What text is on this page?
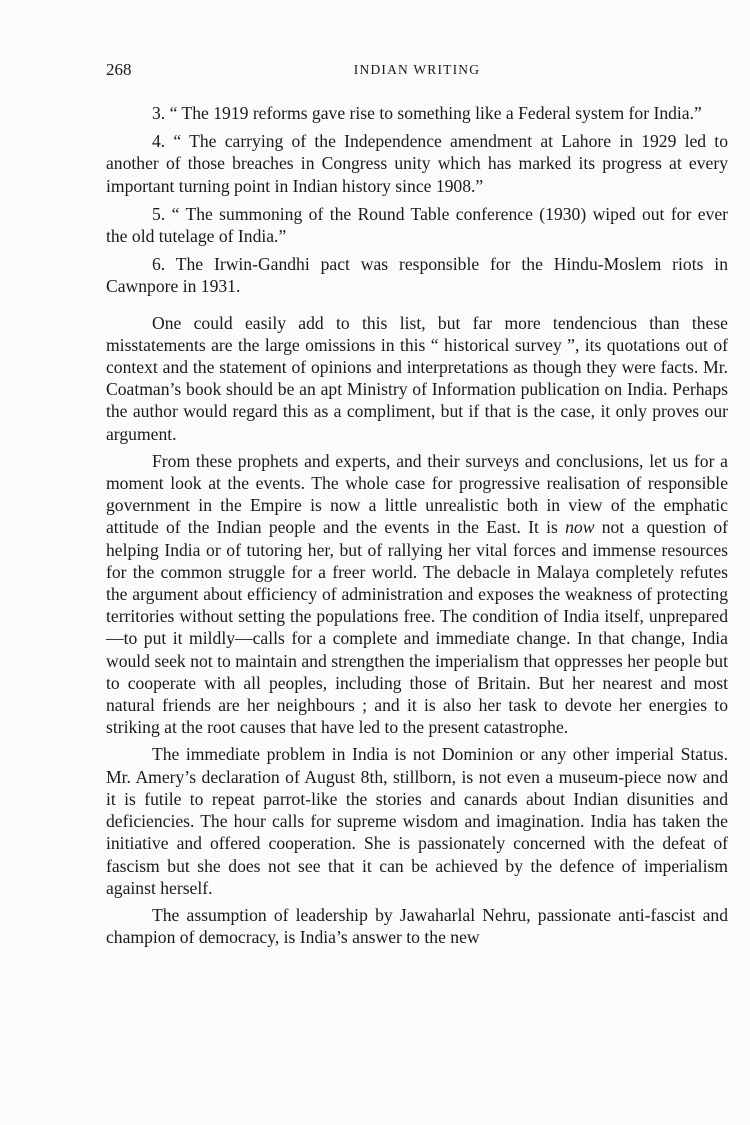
268	INDIAN WRITING

3. “ The 1919 reforms gave rise to something like a Federal system for India.”

4. “ The carrying of the Independence amendment at Lahore in 1929 led to another of those breaches in Congress unity which has marked its progress at every important turning point in Indian history since 1908.”

5. “ The summoning of the Round Table conference (1930) wiped out for ever the old tutelage of India.”

6. The Irwin-Gandhi pact was responsible for the Hindu-Moslem riots in Cawnpore in 1931.

One could easily add to this list, but far more tendencious than these misstatements are the large omissions in this “ historical survey ”, its quotations out of context and the statement of opinions and interpretations as though they were facts. Mr. Coatman’s book should be an apt Ministry of Information publication on India. Perhaps the author would regard this as a compliment, but if that is the case, it only proves our argument.

From these prophets and experts, and their surveys and conclusions, let us for a moment look at the events. The whole case for progressive realisation of responsible government in the Empire is now a little unrealistic both in view of the emphatic attitude of the Indian people and the events in the East. It is now not a question of helping India or of tutoring her, but of rallying her vital forces and immense resources for the common struggle for a freer world. The debacle in Malaya completely refutes the argument about efficiency of administration and exposes the weakness of protecting territories without setting the populations free. The condition of India itself, unprepared—to put it mildly—calls for a complete and immediate change. In that change, India would seek not to maintain and strengthen the imperialism that oppresses her people but to cooperate with all peoples, including those of Britain. But her nearest and most natural friends are her neighbours ; and it is also her task to devote her energies to striking at the root causes that have led to the present catastrophe.

The immediate problem in India is not Dominion or any other imperial Status. Mr. Amery’s declaration of August 8th, stillborn, is not even a museum-piece now and it is futile to repeat parrot-like the stories and canards about Indian disunities and deficiencies. The hour calls for supreme wisdom and imagination. India has taken the initiative and offered cooperation. She is passionately concerned with the defeat of fascism but she does not see that it can be achieved by the defence of imperialism against herself.

The assumption of leadership by Jawaharlal Nehru, passionate anti-fascist and champion of democracy, is India’s answer to the new
